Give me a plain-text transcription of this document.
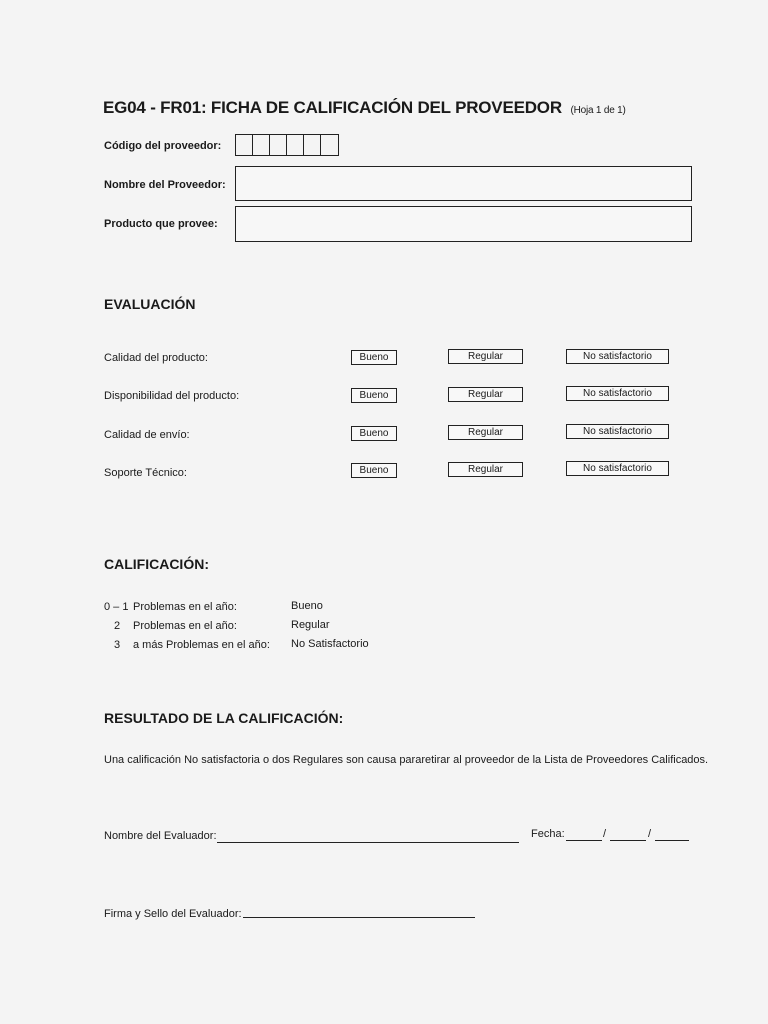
EG04 - FR01: FICHA DE CALIFICACIÓN DEL PROVEEDOR (Hoja 1 de 1)
Código del proveedor:
Nombre del Proveedor:
Producto que provee:
EVALUACIÓN
Calidad del producto:	Bueno	Regular	No satisfactorio
Disponibilidad del producto:	Bueno	Regular	No satisfactorio
Calidad de envío:	Bueno	Regular	No satisfactorio
Soporte Técnico:	Bueno	Regular	No satisfactorio
CALIFICACIÓN:
0 – 1 Problemas en el año:	Bueno
2 Problemas en el año:	Regular
3 a más Problemas en el año: No Satisfactorio
RESULTADO DE LA CALIFICACIÓN:
Una calificación No satisfactoria o dos Regulares son causa pararetirar al proveedor de la Lista de Proveedores Calificados.
Nombre del Evaluador:	Fecha:	/	/
Firma y Sello del Evaluador:
